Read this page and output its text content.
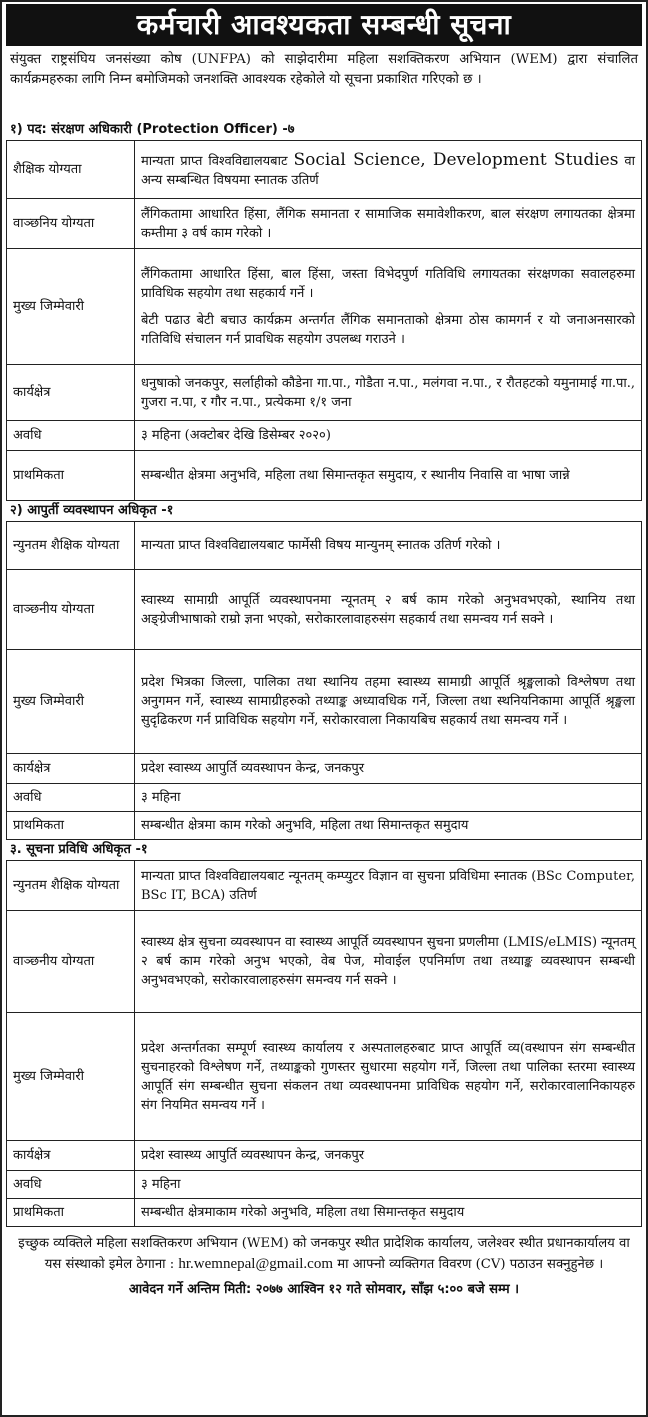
कर्मचारी आवश्यकता सम्बन्धी सूचना
संयुक्त राष्ट्रसंघिय जनसंख्या कोष (UNFPA) को साझेदारीमा महिला सशक्तिकरण अभियान (WEM) द्वारा संचालित कार्यक्रमहरुका लागि निम्न बमोजिमको जनशक्ति आवश्यक रहेकोले यो सूचना प्रकाशित गरिएको छ ।
१) पद: संरक्षण अधिकारी (Protection Officer) -७
शैक्षिक योग्यता	मान्यता प्राप्त विश्वविद्यालयबाट Social Science, Development Studies वा अन्य सम्बन्धित विषयमा स्नातक उतिर्ण
वाञ्छनिय योग्यता	लैंगिकतामा आधारित हिंसा, लैंगिक समानता र सामाजिक समावेशीकरण, बाल संरक्षण लगायतका क्षेत्रमा कम्तीमा ३ वर्ष काम गरेको ।
मुख्य जिम्मेवारी	लैंगिकतामा आधारित हिंसा, बाल हिंसा, जस्ता विभेदपुर्ण गतिविधि लगायतका संरक्षणका सवालहरुमा प्राविधिक सहयोग तथा सहकार्य गर्ने ।

बेटी पढाउ बेटी बचाउ कार्यक्रम अन्तर्गत लैंगिक समानताको क्षेत्रमा ठोस कामगर्न र यो जनाअनसारको गतिविधि संचालन गर्न प्रावधिक सहयोग उपलब्ध गराउने ।

कार्यक्षेत्र	धनुषाको जनकपुर, सर्लाहीको कौडेना गा.पा., गोडैता न.पा., मलंगवा न.पा., र रौतहटको यमुनामाई गा.पा., गुजरा न.पा, र गौर न.पा., प्रत्येकमा १/१ जना
अवधि	३ महिना (अक्टोबर देखि डिसेम्बर २०२०)
प्राथमिकता	सम्बन्धीत क्षेत्रमा अनुभवि, महिला तथा सिमान्तकृत समुदाय, र स्थानीय निवासि वा भाषा जान्ने
२) आपुर्ती व्यवस्थापन अधिकृत -१
न्युनतम शैक्षिक योग्यता	मान्यता प्राप्त विश्वविद्यालयबाट फार्मेसी विषय मान्युनम् स्नातक उतिर्ण गरेको ।
वाञ्छनीय योग्यता	स्वास्थ्य सामाग्री आपूर्ति व्यवस्थापनमा न्यूनतम् २ बर्ष काम गरेको अनुभवभएको, स्थानिय तथा अङ्ग्रेजीभाषाको राम्रो ज्ञना भएको, सरोकारलावाहरुसंग सहकार्य तथा समन्वय गर्न सक्ने ।
मुख्य जिम्मेवारी	प्रदेश भित्रका जिल्ला, पालिका तथा स्थानिय तहमा स्वास्थ्य सामाग्री आपूर्ति श्रृङ्खलाको विश्लेषण तथा अनुगमन गर्ने, स्वास्थ्य सामाग्रीहरुको तथ्याङ्क अध्यावधिक गर्ने, जिल्ला तथा स्थनियनिकामा आपूर्ति श्रृङ्खला सुदृढिकरण गर्न प्राविधिक सहयोग गर्ने, सरोकारवाला निकायबिच सहकार्य तथा समन्वय गर्ने ।
कार्यक्षेत्र	प्रदेश स्वास्थ्य आपुर्ति व्यवस्थापन केन्द्र, जनकपुर
अवधि	३ महिना
प्राथमिकता	सम्बन्धीत क्षेत्रमा काम गरेको अनुभवि, महिला तथा सिमान्तकृत समुदाय
३. सूचना प्रविधि अधिकृत -१
न्युनतम शैक्षिक योग्यता	मान्यता प्राप्त विश्वविद्यालयबाट न्यूनतम् कम्प्युटर विज्ञान वा सुचना प्रविधिमा स्नातक (BSc Computer, BSc IT, BCA) उतिर्ण
वाञ्छनीय योग्यता	स्वास्थ्य क्षेत्र सुचना व्यवस्थापन वा स्वास्थ्य आपूर्ति व्यवस्थापन सुचना प्रणलीमा (LMIS/eLMIS) न्यूनतम् २ बर्ष काम गरेको अनुभ भएको, वेब पेज, मोवाईल एपनिर्माण तथा तथ्याङ्क व्यवस्थापन सम्बन्धी अनुभवभएको, सरोकारवालाहरुसंग समन्वय गर्न सक्ने ।
मुख्य जिम्मेवारी	प्रदेश अन्तर्गतका सम्पूर्ण स्वास्थ्य कार्यालय र अस्पतालहरुबाट प्राप्त आपूर्ति व्य(वस्थापन संग सम्बन्धीत सुचनाहरको विश्लेषण गर्ने, तथ्याङ्कको गुणस्तर सुधारमा सहयोग गर्ने, जिल्ला तथा पालिका स्तरमा स्वास्थ्य आपूर्ति संग सम्बन्धीत सुचना संकलन तथा व्यवस्थापनमा प्राविधिक सहयोग गर्ने, सरोकारवालानिकायहरु संग नियमित समन्वय गर्ने ।
कार्यक्षेत्र	प्रदेश स्वास्थ्य आपुर्ति व्यवस्थापन केन्द्र, जनकपुर
अवधि	३ महिना
प्राथमिकता	सम्बन्धीत क्षेत्रमाकाम गरेको अनुभवि, महिला तथा सिमान्तकृत समुदाय
इच्छुक व्यक्तिले महिला सशक्तिकरण अभियान (WEM) को जनकपुर स्थीत प्रादेशिक कार्यालय, जलेश्वर स्थीत प्रधानकार्यालय वा यस संस्थाको इमेल ठेगाना : hr.wemnepal@gmail.com मा आफ्नो व्यक्तिगत विवरण (CV) पठाउन सक्नुहुनेछ ।
आवेदन गर्ने अन्तिम मिती: २०७७ आश्विन १२ गते सोमवार, साँझ ५:०० बजे सम्म ।
